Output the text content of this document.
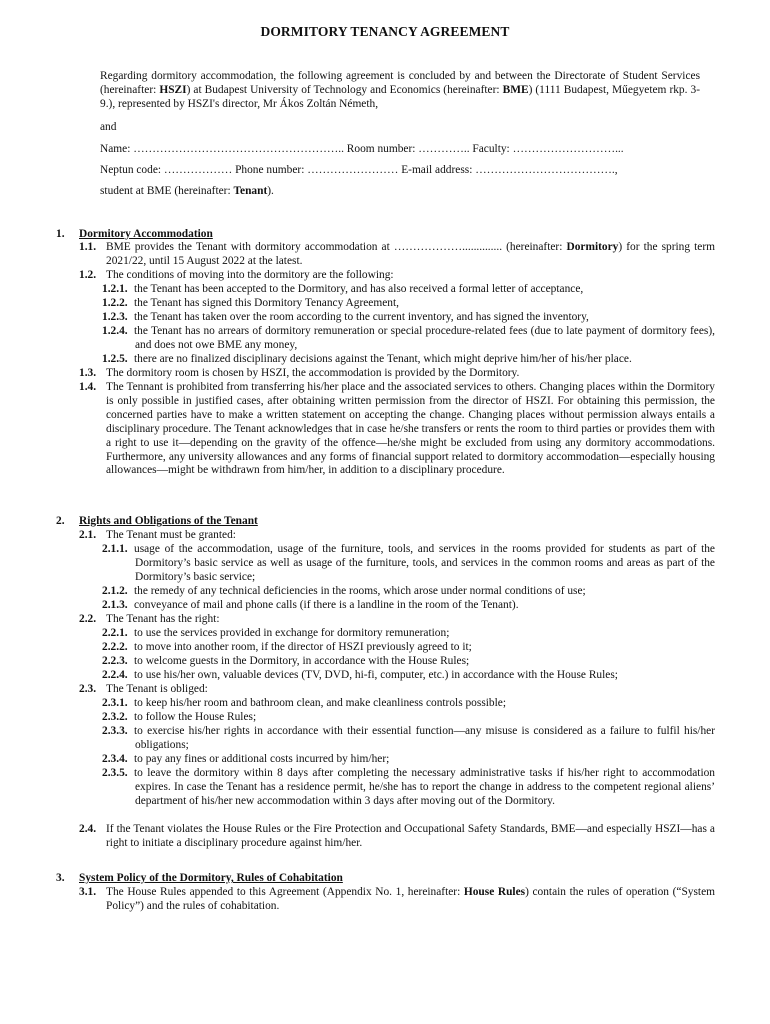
DORMITORY TENANCY AGREEMENT
Regarding dormitory accommodation, the following agreement is concluded by and between the Directorate of Student Services (hereinafter: HSZI) at Budapest University of Technology and Economics (hereinafter: BME) (1111 Budapest, Műegyetem rkp. 3-9.), represented by HSZI's director, Mr Ákos Zoltán Németh,
and
Name: ……………………………………………….. Room number: ………….. Faculty: ………………………...
Neptun code: ……………… Phone number: …………………… E-mail address: ……………………………….,
student at BME (hereinafter: Tenant).
1. Dormitory Accommodation
1.1. BME provides the Tenant with dormitory accommodation at ……………….............. (hereinafter: Dormitory) for the spring term 2021/22, until 15 August 2022 at the latest.
1.2. The conditions of moving into the dormitory are the following:
1.2.1. the Tenant has been accepted to the Dormitory, and has also received a formal letter of acceptance,
1.2.2. the Tenant has signed this Dormitory Tenancy Agreement,
1.2.3. the Tenant has taken over the room according to the current inventory, and has signed the inventory,
1.2.4. the Tenant has no arrears of dormitory remuneration or special procedure-related fees (due to late payment of dormitory fees), and does not owe BME any money,
1.2.5. there are no finalized disciplinary decisions against the Tenant, which might deprive him/her of his/her place.
1.3. The dormitory room is chosen by HSZI, the accommodation is provided by the Dormitory.
1.4. The Tennant is prohibited from transferring his/her place and the associated services to others. Changing places within the Dormitory is only possible in justified cases, after obtaining written permission from the director of HSZI. For obtaining this permission, the concerned parties have to make a written statement on accepting the change. Changing places without permission always entails a disciplinary procedure. The Tenant acknowledges that in case he/she transfers or rents the room to third parties or provides them with a right to use it—depending on the gravity of the offence—he/she might be excluded from using any dormitory accommodations. Furthermore, any university allowances and any forms of financial support related to dormitory accommodation—especially housing allowances—might be withdrawn from him/her, in addition to a disciplinary procedure.
2. Rights and Obligations of the Tenant
2.1. The Tenant must be granted:
2.1.1. usage of the accommodation, usage of the furniture, tools, and services in the rooms provided for students as part of the Dormitory’s basic service as well as usage of the furniture, tools, and services in the common rooms and areas as part of the Dormitory’s basic service;
2.1.2. the remedy of any technical deficiencies in the rooms, which arose under normal conditions of use;
2.1.3. conveyance of mail and phone calls (if there is a landline in the room of the Tenant).
2.2. The Tenant has the right:
2.2.1. to use the services provided in exchange for dormitory remuneration;
2.2.2. to move into another room, if the director of HSZI previously agreed to it;
2.2.3. to welcome guests in the Dormitory, in accordance with the House Rules;
2.2.4. to use his/her own, valuable devices (TV, DVD, hi-fi, computer, etc.) in accordance with the House Rules;
2.3. The Tenant is obliged:
2.3.1. to keep his/her room and bathroom clean, and make cleanliness controls possible;
2.3.2. to follow the House Rules;
2.3.3. to exercise his/her rights in accordance with their essential function—any misuse is considered as a failure to fulfil his/her obligations;
2.3.4. to pay any fines or additional costs incurred by him/her;
2.3.5. to leave the dormitory within 8 days after completing the necessary administrative tasks if his/her right to accommodation expires. In case the Tenant has a residence permit, he/she has to report the change in address to the competent regional aliens’ department of his/her new accommodation within 3 days after moving out of the Dormitory.
2.4. If the Tenant violates the House Rules or the Fire Protection and Occupational Safety Standards, BME—and especially HSZI—has a right to initiate a disciplinary procedure against him/her.
3. System Policy of the Dormitory, Rules of Cohabitation
3.1. The House Rules appended to this Agreement (Appendix No. 1, hereinafter: House Rules) contain the rules of operation (“System Policy”) and the rules of cohabitation.
